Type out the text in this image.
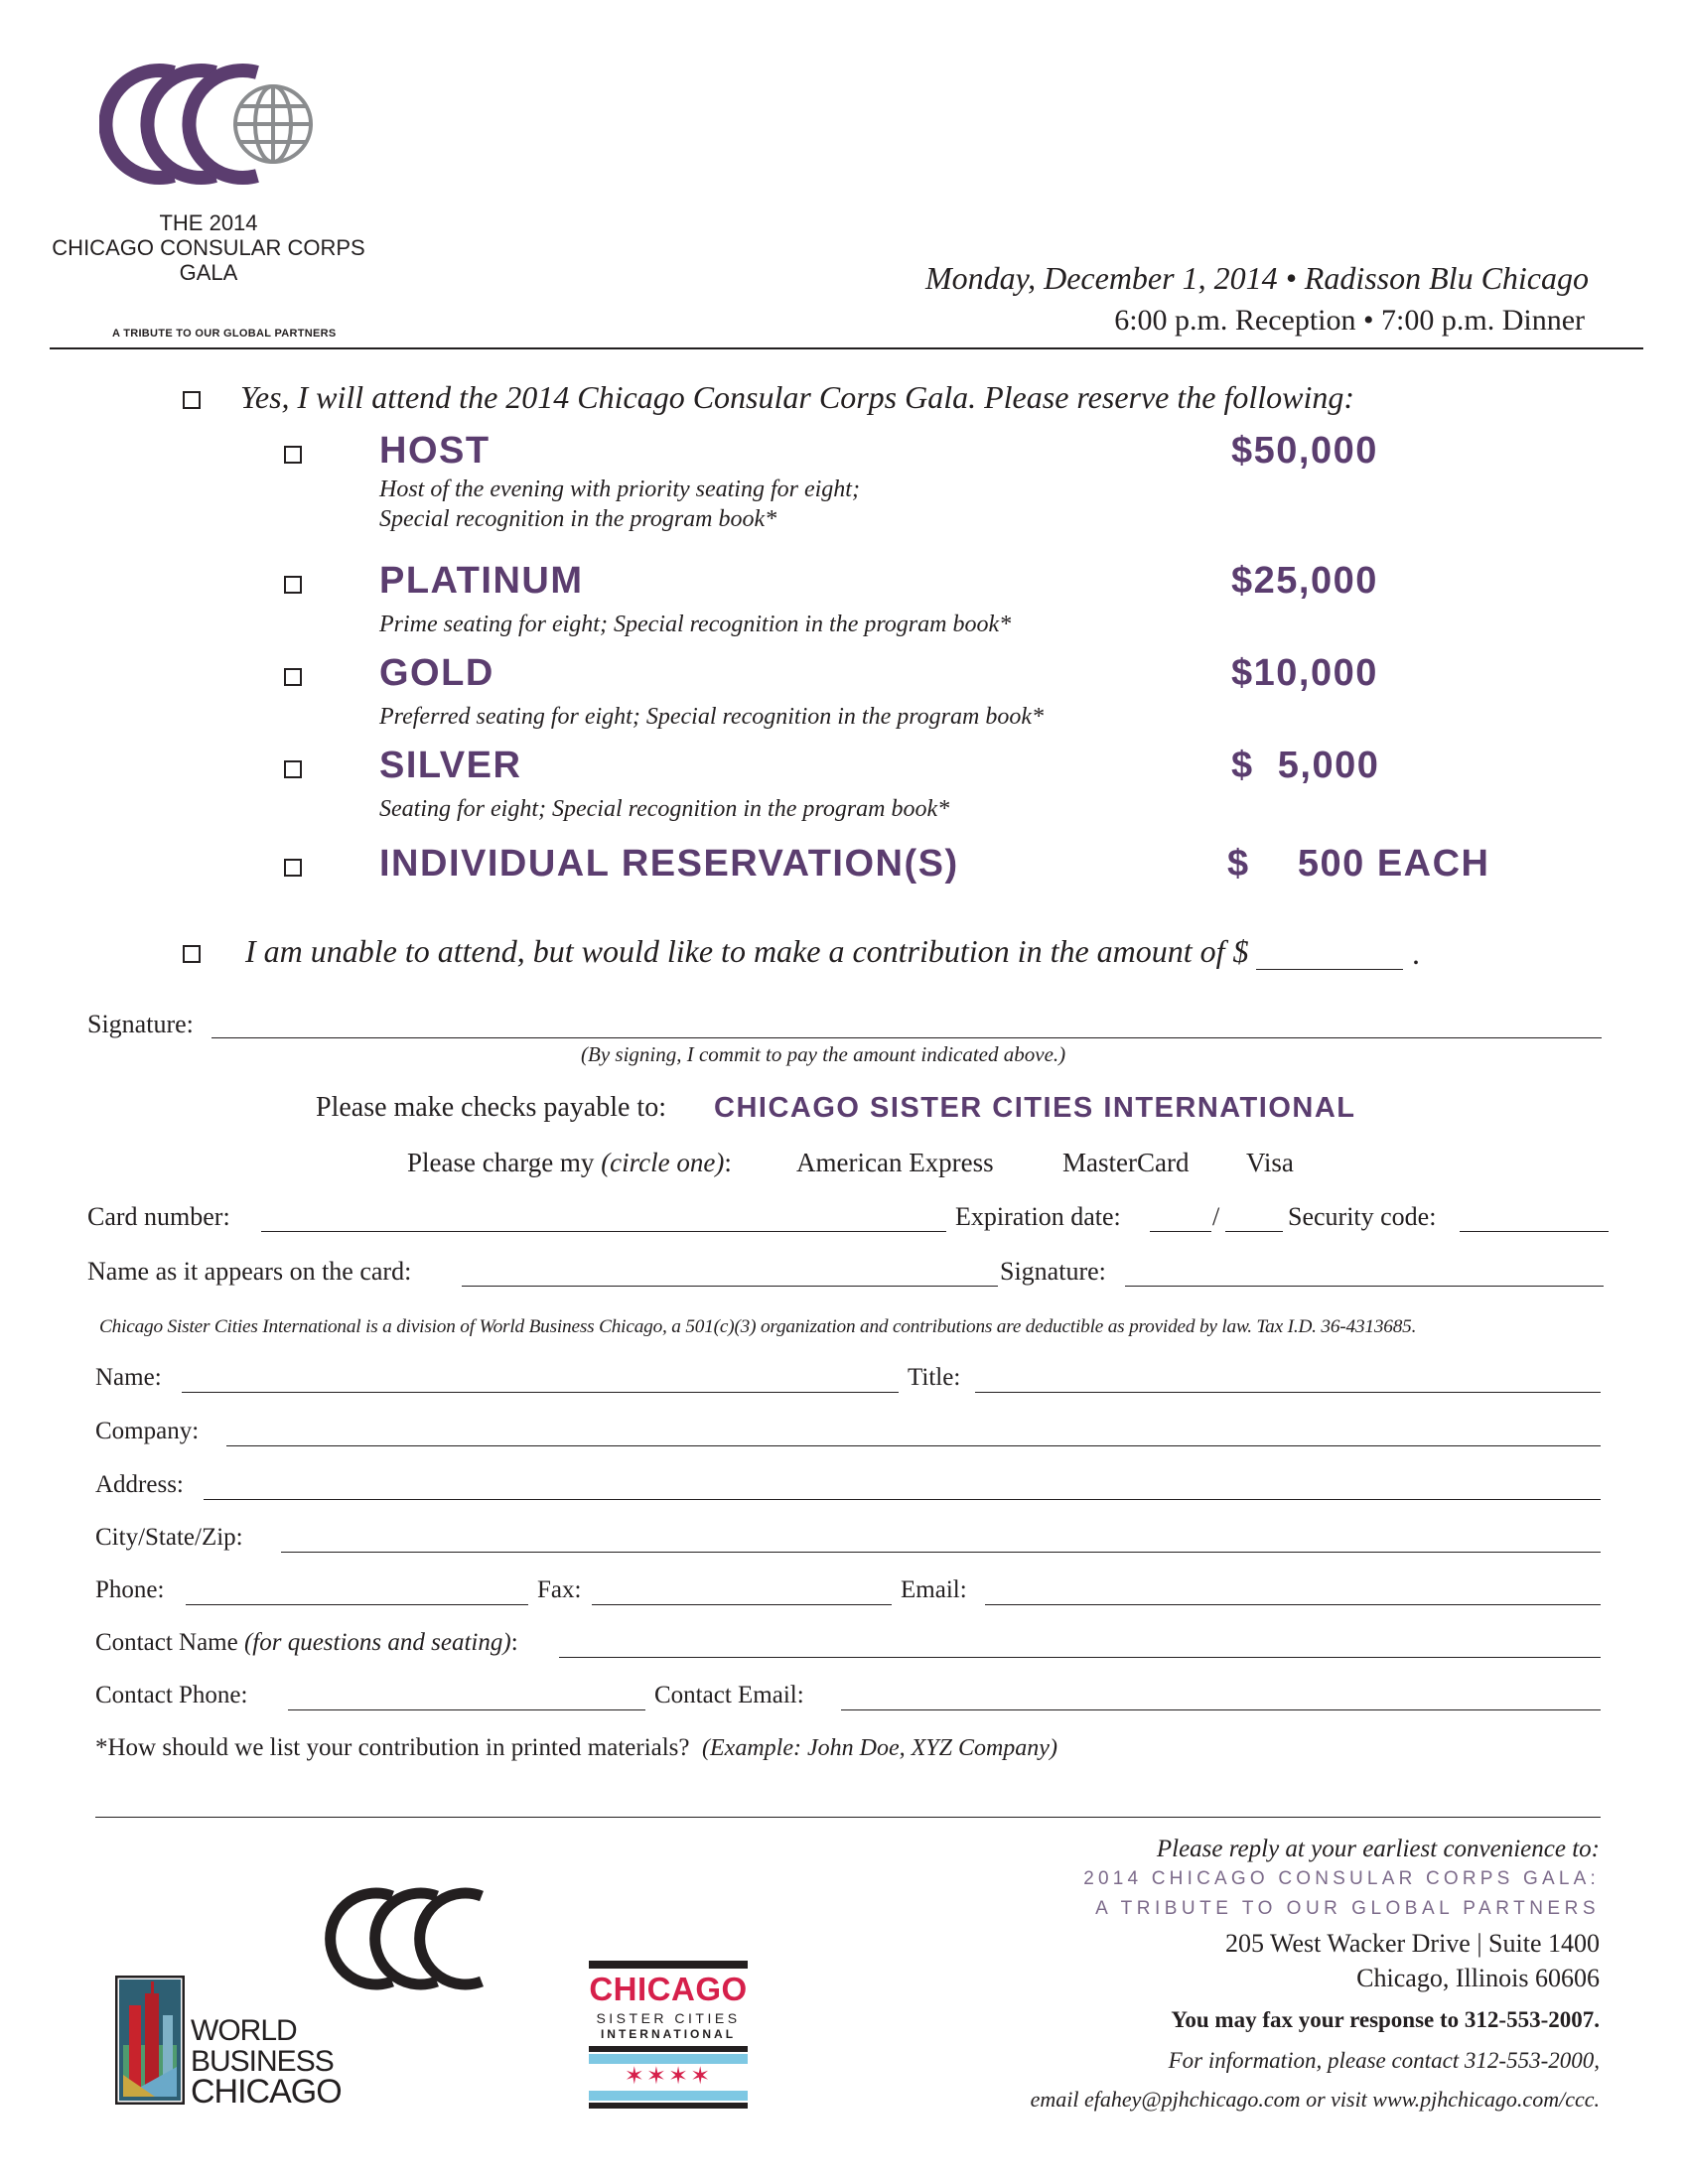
THE 2014
CHICAGO CONSULAR CORPS
GALA
A TRIBUTE TO OUR GLOBAL PARTNERS
Monday, December 1, 2014 • Radisson Blu Chicago
6:00 p.m. Reception • 7:00 p.m. Dinner
Yes, I will attend the 2014 Chicago Consular Corps Gala. Please reserve the following:
HOST	$50,000
Host of the evening with priority seating for eight;
Special recognition in the program book*
PLATINUM	$25,000
Prime seating for eight; Special recognition in the program book*
GOLD	$10,000
Preferred seating for eight; Special recognition in the program book*
SILVER	$  5,000
Seating for eight; Special recognition in the program book*
INDIVIDUAL RESERVATION(S)	$    500 EACH
I am unable to attend, but would like to make a contribution in the amount of $	.
Signature:
(By signing, I commit to pay the amount indicated above.)
Please make checks payable to: CHICAGO SISTER CITIES INTERNATIONAL
Please charge my (circle one): American Express	MasterCard Visa
Card number:	Expiration date:	/	Security code:
Name as it appears on the card:	Signature:
Chicago Sister Cities International is a division of World Business Chicago, a 501(c)(3) organization and contributions are deductible as provided by law. Tax I.D. 36-4313685.
Name:	Title:
Company:
Address:
City/State/Zip:
Phone:	Fax:	Email:
Contact Name (for questions and seating):
Contact Phone:	Contact Email:
*How should we list your contribution in printed materials? (Example: John Doe, XYZ Company)
WORLD
BUSINESS
CHICAGO
CHICAGO
SISTER CITIES
INTERNATIONAL
✶✶✶✶
Please reply at your earliest convenience to:
2014 CHICAGO CONSULAR CORPS GALA:
A TRIBUTE TO OUR GLOBAL PARTNERS
205 West Wacker Drive | Suite 1400
Chicago, Illinois 60606
You may fax your response to 312-553-2007.
For information, please contact 312-553-2000,
email efahey@pjhchicago.com or visit www.pjhchicago.com/ccc.
